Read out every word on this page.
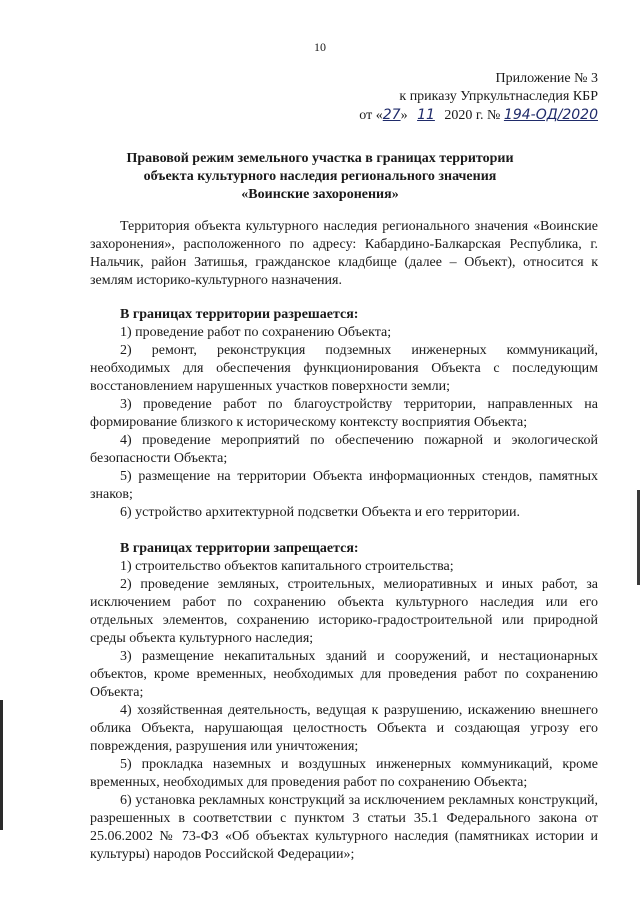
10
Приложение № 3
к приказу Упркультнаследия КБР
от «27» 11 2020 г. № 194-ОД/2020
Правовой режим земельного участка в границах территории
объекта культурного наследия регионального значения
«Воинские захоронения»

Территория объекта культурного наследия регионального значения «Воинские захоронения», расположенного по адресу: Кабардино-Балкарская Республика, г. Нальчик, район Затишья, гражданское кладбище (далее – Объект), относится к землям историко-культурного назначения.

В границах территории разрешается:

1) проведение работ по сохранению Объекта;

2) ремонт, реконструкция подземных инженерных коммуникаций, необходимых для обеспечения функционирования Объекта с последующим восстановлением нарушенных участков поверхности земли;

3) проведение работ по благоустройству территории, направленных на формирование близкого к историческому контексту восприятия Объекта;

4) проведение мероприятий по обеспечению пожарной и экологической безопасности Объекта;

5) размещение на территории Объекта информационных стендов, памятных знаков;

6) устройство архитектурной подсветки Объекта и его территории.

В границах территории запрещается:

1) строительство объектов капитального строительства;

2) проведение земляных, строительных, мелиоративных и иных работ, за исключением работ по сохранению объекта культурного наследия или его отдельных элементов, сохранению историко-градостроительной или природной среды объекта культурного наследия;

3) размещение некапитальных зданий и сооружений, и нестационарных объектов, кроме временных, необходимых для проведения работ по сохранению Объекта;

4) хозяйственная деятельность, ведущая к разрушению, искажению внешнего облика Объекта, нарушающая целостность Объекта и создающая угрозу его повреждения, разрушения или уничтожения;

5) прокладка наземных и воздушных инженерных коммуникаций, кроме временных, необходимых для проведения работ по сохранению Объекта;

6) установка рекламных конструкций за исключением рекламных конструкций, разрешенных в соответствии с пунктом 3 статьи 35.1 Федерального закона от 25.06.2002 № 73-ФЗ «Об объектах культурного наследия (памятниках истории и культуры) народов Российской Федерации»;
